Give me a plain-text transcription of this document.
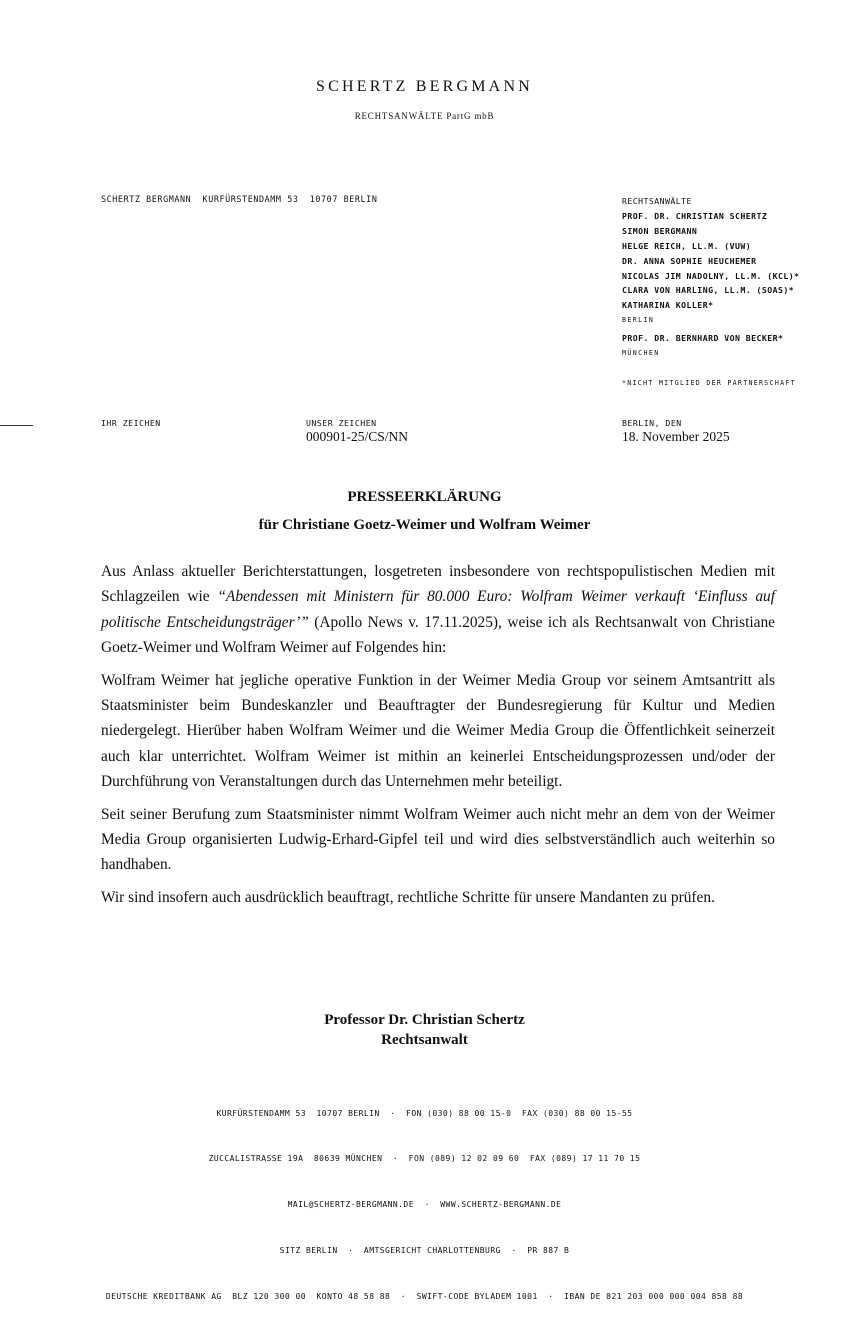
SCHERTZ BERGMANN
RECHTSANWÄLTE PartG mbB
SCHERTZ BERGMANN  KURFÜRSTENDAMM 53  10707 BERLIN	RECHTSANWÄLTE
PROF. DR. CHRISTIAN SCHERTZ
SIMON BERGMANN
HELGE REICH, LL.M. (VUW)
DR. ANNA SOPHIE HEUCHEMER
NICOLAS JIM NADOLNY, LL.M. (KCL)*
CLARA VON HARLING, LL.M. (SOAS)*
KATHARINA KOLLER*
BERLIN
PROF. DR. BERNHARD VON BECKER*
MÜNCHEN
*NICHT MITGLIED DER PARTNERSCHAFT
IHR ZEICHEN	UNSER ZEICHEN
000901-25/CS/NN
BERLIN, DEN
18. November 2025
PRESSEERKLÄRUNG
für Christiane Goetz-Weimer und Wolfram Weimer

Aus Anlass aktueller Berichterstattungen, losgetreten insbesondere von rechtspopulistischen Medien mit Schlagzeilen wie “Abendessen mit Ministern für 80.000 Euro: Wolfram Weimer verkauft ‘Einfluss auf politische Entscheidungsträger’” (Apollo News v. 17.11.2025), weise ich als Rechtsanwalt von Christiane Goetz-Weimer und Wolfram Weimer auf Folgendes hin:

Wolfram Weimer hat jegliche operative Funktion in der Weimer Media Group vor seinem Amtsantritt als Staatsminister beim Bundeskanzler und Beauftragter der Bundesregierung für Kultur und Medien niedergelegt. Hierüber haben Wolfram Weimer und die Weimer Media Group die Öffentlichkeit seinerzeit auch klar unterrichtet. Wolfram Weimer ist mithin an keinerlei Entscheidungsprozessen und/oder der Durchführung von Veranstaltungen durch das Unternehmen mehr beteiligt.

Seit seiner Berufung zum Staatsminister nimmt Wolfram Weimer auch nicht mehr an dem von der Weimer Media Group organisierten Ludwig-Erhard-Gipfel teil und wird dies selbstverständlich auch weiterhin so handhaben.

Wir sind insofern auch ausdrücklich beauftragt, rechtliche Schritte für unsere Mandanten zu prüfen.

Professor Dr. Christian Schertz
Rechtsanwalt

KURFÜRSTENDAMM 53  10707 BERLIN  ·  FON (030) 88 00 15-0  FAX (030) 88 00 15-55

ZUCCALISTRASSE 19A  80639 MÜNCHEN  ·  FON (089) 12 02 09 60  FAX (089) 17 11 70 15

MAIL@SCHERTZ-BERGMANN.DE  ·  WWW.SCHERTZ-BERGMANN.DE

SITZ BERLIN  ·  AMTSGERICHT CHARLOTTENBURG  ·  PR 887 B

DEUTSCHE KREDITBANK AG  BLZ 120 300 00  KONTO 48 58 88  ·  SWIFT-CODE BYLADEM 1001  ·  IBAN DE 821 203 000 000 004 858 88
